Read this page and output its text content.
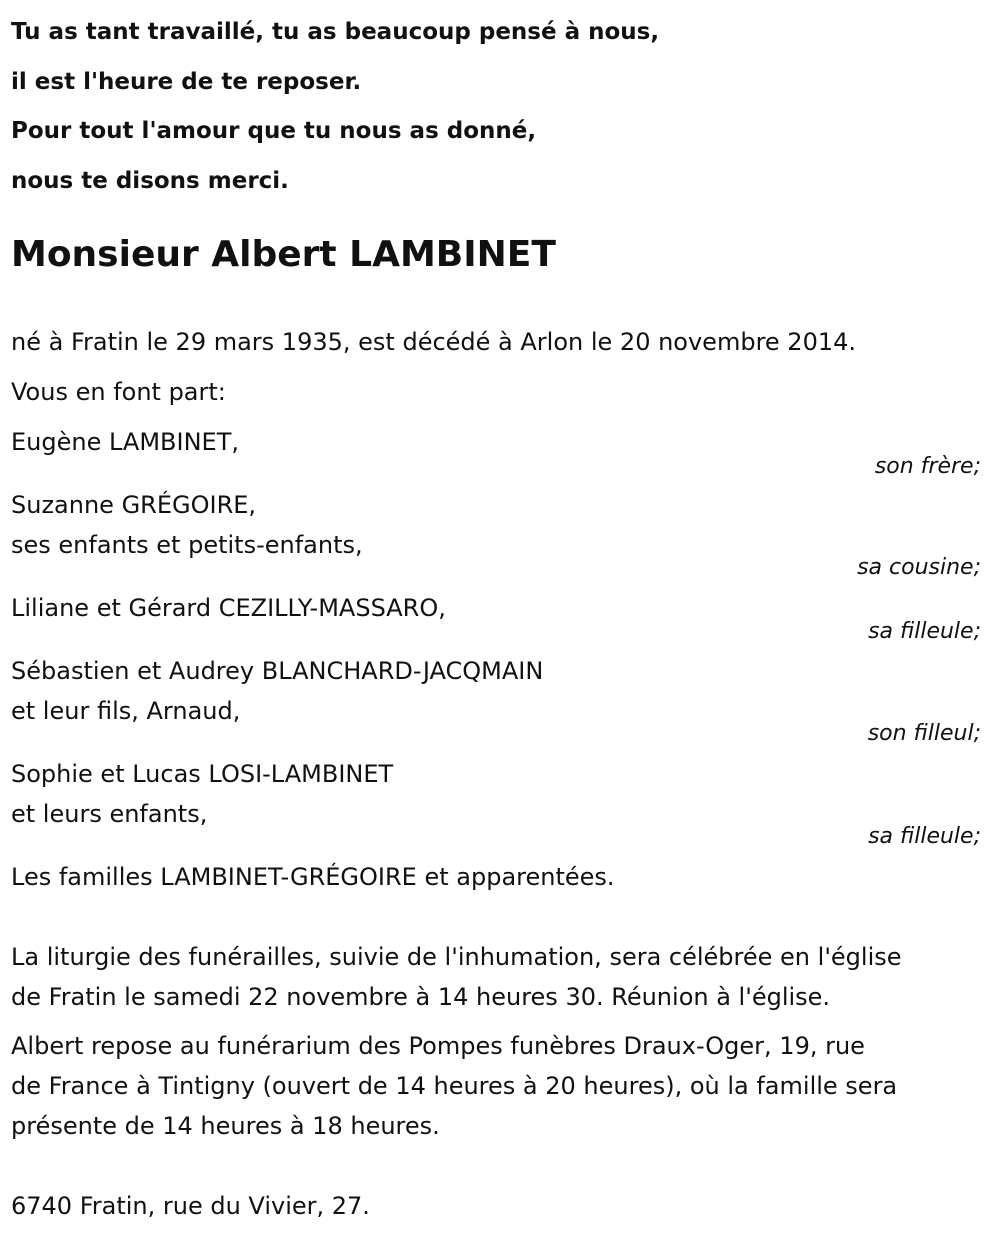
Tu as tant travaillé, tu as beaucoup pensé à nous,
il est l'heure de te reposer.
Pour tout l'amour que tu nous as donné,
nous te disons merci.
Monsieur Albert LAMBINET
né à Fratin le 29 mars 1935, est décédé à Arlon le 20 novembre 2014.
Vous en font part:
Eugène LAMBINET,
son frère;
Suzanne GRÉGOIRE,
ses enfants et petits-enfants,
sa cousine;
Liliane et Gérard CEZILLY-MASSARO,
sa filleule;
Sébastien et Audrey BLANCHARD-JACQMAIN
et leur fils, Arnaud,
son filleul;
Sophie et Lucas LOSI-LAMBINET
et leurs enfants,
sa filleule;
Les familles LAMBINET-GRÉGOIRE et apparentées.
La liturgie des funérailles, suivie de l'inhumation, sera célébrée en l'église
de Fratin le samedi 22 novembre à 14 heures 30. Réunion à l'église.
Albert repose au funérarium des Pompes funèbres Draux-Oger, 19, rue
de France à Tintigny (ouvert de 14 heures à 20 heures), où la famille sera
présente de 14 heures à 18 heures.
6740 Fratin, rue du Vivier, 27.
